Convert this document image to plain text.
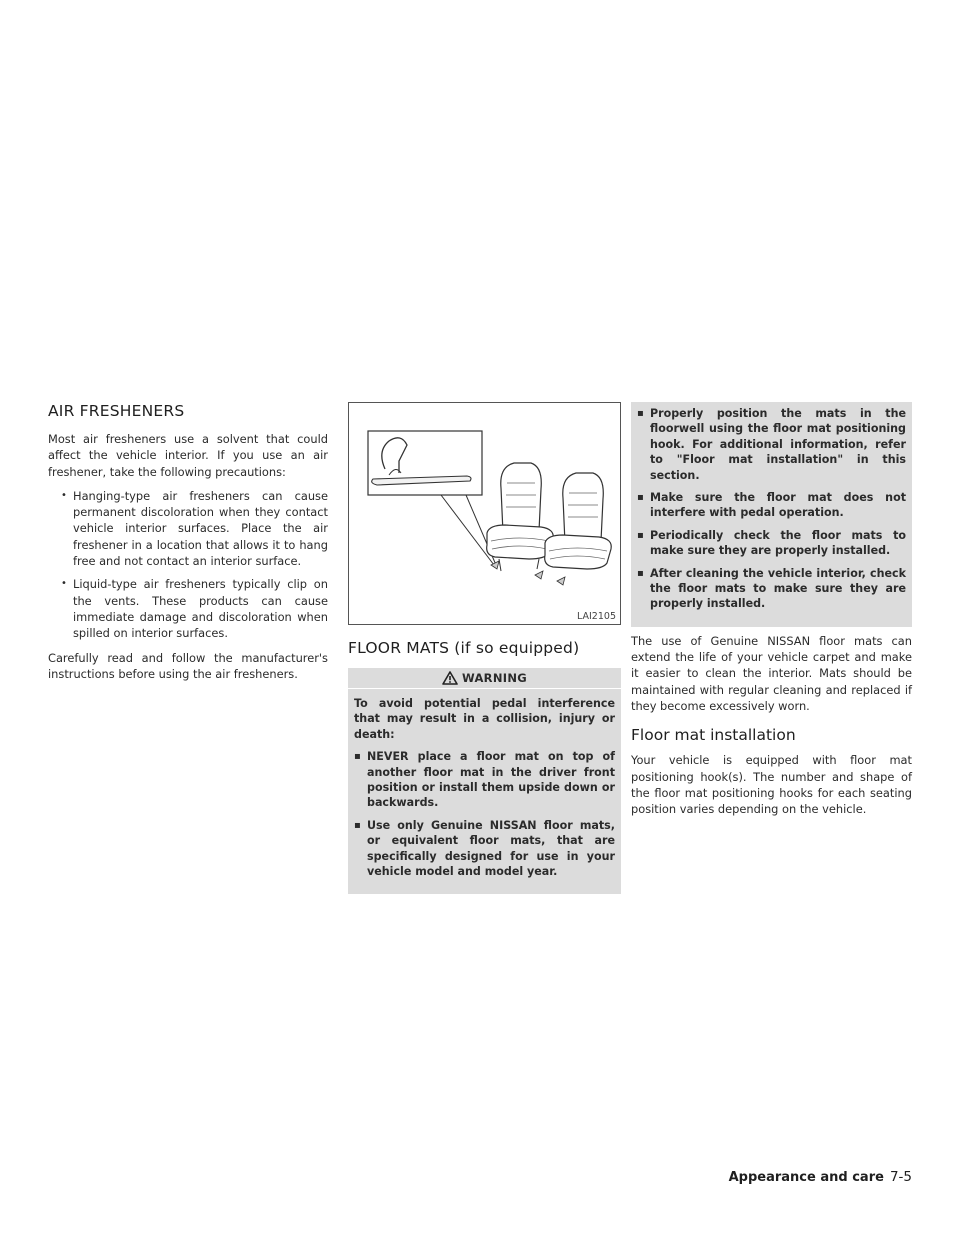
AIR FRESHENERS

Most air fresheners use a solvent that could affect the vehicle interior. If you use an air freshener, take the following precautions:

• Hanging-type air fresheners can cause permanent discoloration when they contact vehicle interior surfaces. Place the air freshener in a location that allows it to hang free and not contact an interior surface.
• Liquid-type air fresheners typically clip on the vents. These products can cause immediate damage and discoloration when spilled on interior surfaces.

Carefully read and follow the manufacturer's instructions before using the air fresheners.

LAI2105
FLOOR MATS (if so equipped)
WARNING

To avoid potential pedal interference that may result in a collision, injury or death:

▪ NEVER place a floor mat on top of another floor mat in the driver front position or install them upside down or backwards.
▪ Use only Genuine NISSAN floor mats, or equivalent floor mats, that are specifically designed for use in your vehicle model and model year.
▪ Properly position the mats in the floorwell using the floor mat positioning hook. For additional information, refer to "Floor mat installation" in this section.
▪ Make sure the floor mat does not interfere with pedal operation.
▪ Periodically check the floor mats to make sure they are properly installed.
▪ After cleaning the vehicle interior, check the floor mats to make sure they are properly installed.

The use of Genuine NISSAN floor mats can extend the life of your vehicle carpet and make it easier to clean the interior. Mats should be maintained with regular cleaning and replaced if they become excessively worn.

Floor mat installation

Your vehicle is equipped with floor mat positioning hook(s). The number and shape of the floor mat positioning hooks for each seating position varies depending on the vehicle.

Appearance and care 7-5
